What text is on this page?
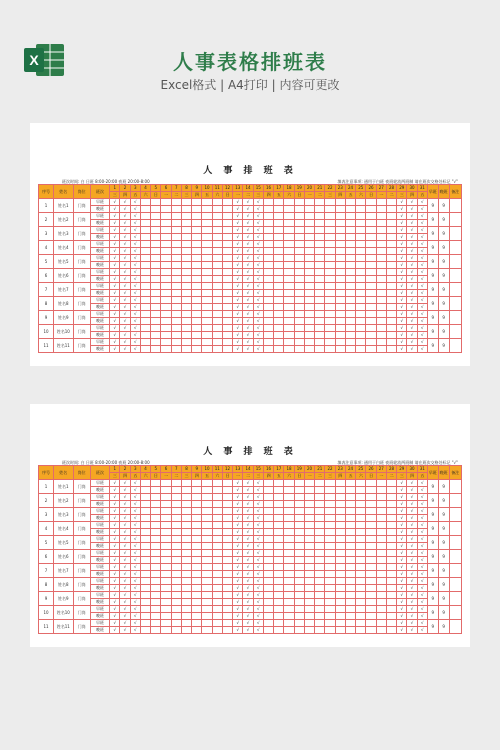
X	人事表格排班表
Excel格式 | A4打印 | 内容可更改
人 事 排 班 表
班次时间: 白 日班 8:00-20:00 夜班 20:00-8:00	填表注意事项: 通用于白班 夜班轮流两班制 请在班次交格处标记 "√"
序号	姓名	岗位	班次	1	2	3	4	5	6	7	8	9	10	11	12	13	14	15	16	17	18	19	20	21	22	23	24	25	26	27	28	29	30	31	早班	晚班	备注
				三	四	五	六	日	一	二	三	四	五	六	日	一	二	三	四	五	六	日	一	二	三	四	五	六	日	一	二	三	四	五			
1	姓名1	门岗	早班	√	√	√										√	√	√														√	√	√	9	9	
			晚班	√	√	√										√	√	√														√	√	√			
2	姓名2	门岗	早班	√	√	√										√	√	√														√	√	√	9	9	
			晚班	√	√	√										√	√	√														√	√	√			
3	姓名3	门岗	早班	√	√	√										√	√	√														√	√	√	9	9	
			晚班	√	√	√										√	√	√														√	√	√			
4	姓名4	门岗	早班	√	√	√										√	√	√														√	√	√	9	9	
			晚班	√	√	√										√	√	√														√	√	√			
5	姓名5	门岗	早班	√	√	√										√	√	√														√	√	√	9	9	
			晚班	√	√	√										√	√	√														√	√	√			
6	姓名6	门岗	早班	√	√	√										√	√	√														√	√	√	9	9	
			晚班	√	√	√										√	√	√														√	√	√			
7	姓名7	门岗	早班	√	√	√										√	√	√														√	√	√	9	9	
			晚班	√	√	√										√	√	√														√	√	√			
8	姓名8	门岗	早班	√	√	√										√	√	√														√	√	√	9	9	
			晚班	√	√	√										√	√	√														√	√	√			
9	姓名9	门岗	早班	√	√	√										√	√	√														√	√	√	9	9	
			晚班	√	√	√										√	√	√														√	√	√			
10	姓名10	门岗	早班	√	√	√										√	√	√														√	√	√	9	9	
			晚班	√	√	√										√	√	√														√	√	√			
11	姓名11	门岗	早班	√	√	√										√	√	√														√	√	√	9	9	
			晚班	√	√	√										√	√	√														√	√	√			
人 事 排 班 表
班次时间: 白 日班 8:00-20:00 夜班 20:00-8:00	填表注意事项: 通用于白班 夜班轮流两班制 请在班次交格处标记 "√"
序号	姓名	岗位	班次	1	2	3	4	5	6	7	8	9	10	11	12	13	14	15	16	17	18	19	20	21	22	23	24	25	26	27	28	29	30	31	早班	晚班	备注
				三	四	五	六	日	一	二	三	四	五	六	日	一	二	三	四	五	六	日	一	二	三	四	五	六	日	一	二	三	四	五			
1	姓名1	门岗	早班	√	√	√										√	√	√														√	√	√	9	9	
			晚班	√	√	√										√	√	√														√	√	√			
2	姓名2	门岗	早班	√	√	√										√	√	√														√	√	√	9	9	
			晚班	√	√	√										√	√	√														√	√	√			
3	姓名3	门岗	早班	√	√	√										√	√	√														√	√	√	9	9	
			晚班	√	√	√										√	√	√														√	√	√			
4	姓名4	门岗	早班	√	√	√										√	√	√														√	√	√	9	9	
			晚班	√	√	√										√	√	√														√	√	√			
5	姓名5	门岗	早班	√	√	√										√	√	√														√	√	√	9	9	
			晚班	√	√	√										√	√	√														√	√	√			
6	姓名6	门岗	早班	√	√	√										√	√	√														√	√	√	9	9	
			晚班	√	√	√										√	√	√														√	√	√			
7	姓名7	门岗	早班	√	√	√										√	√	√														√	√	√	9	9	
			晚班	√	√	√										√	√	√														√	√	√			
8	姓名8	门岗	早班	√	√	√										√	√	√														√	√	√	9	9	
			晚班	√	√	√										√	√	√														√	√	√			
9	姓名9	门岗	早班	√	√	√										√	√	√														√	√	√	9	9	
			晚班	√	√	√										√	√	√														√	√	√			
10	姓名10	门岗	早班	√	√	√										√	√	√														√	√	√	9	9	
			晚班	√	√	√										√	√	√														√	√	√			
11	姓名11	门岗	早班	√	√	√										√	√	√														√	√	√	9	9	
			晚班	√	√	√										√	√	√														√	√	√			
